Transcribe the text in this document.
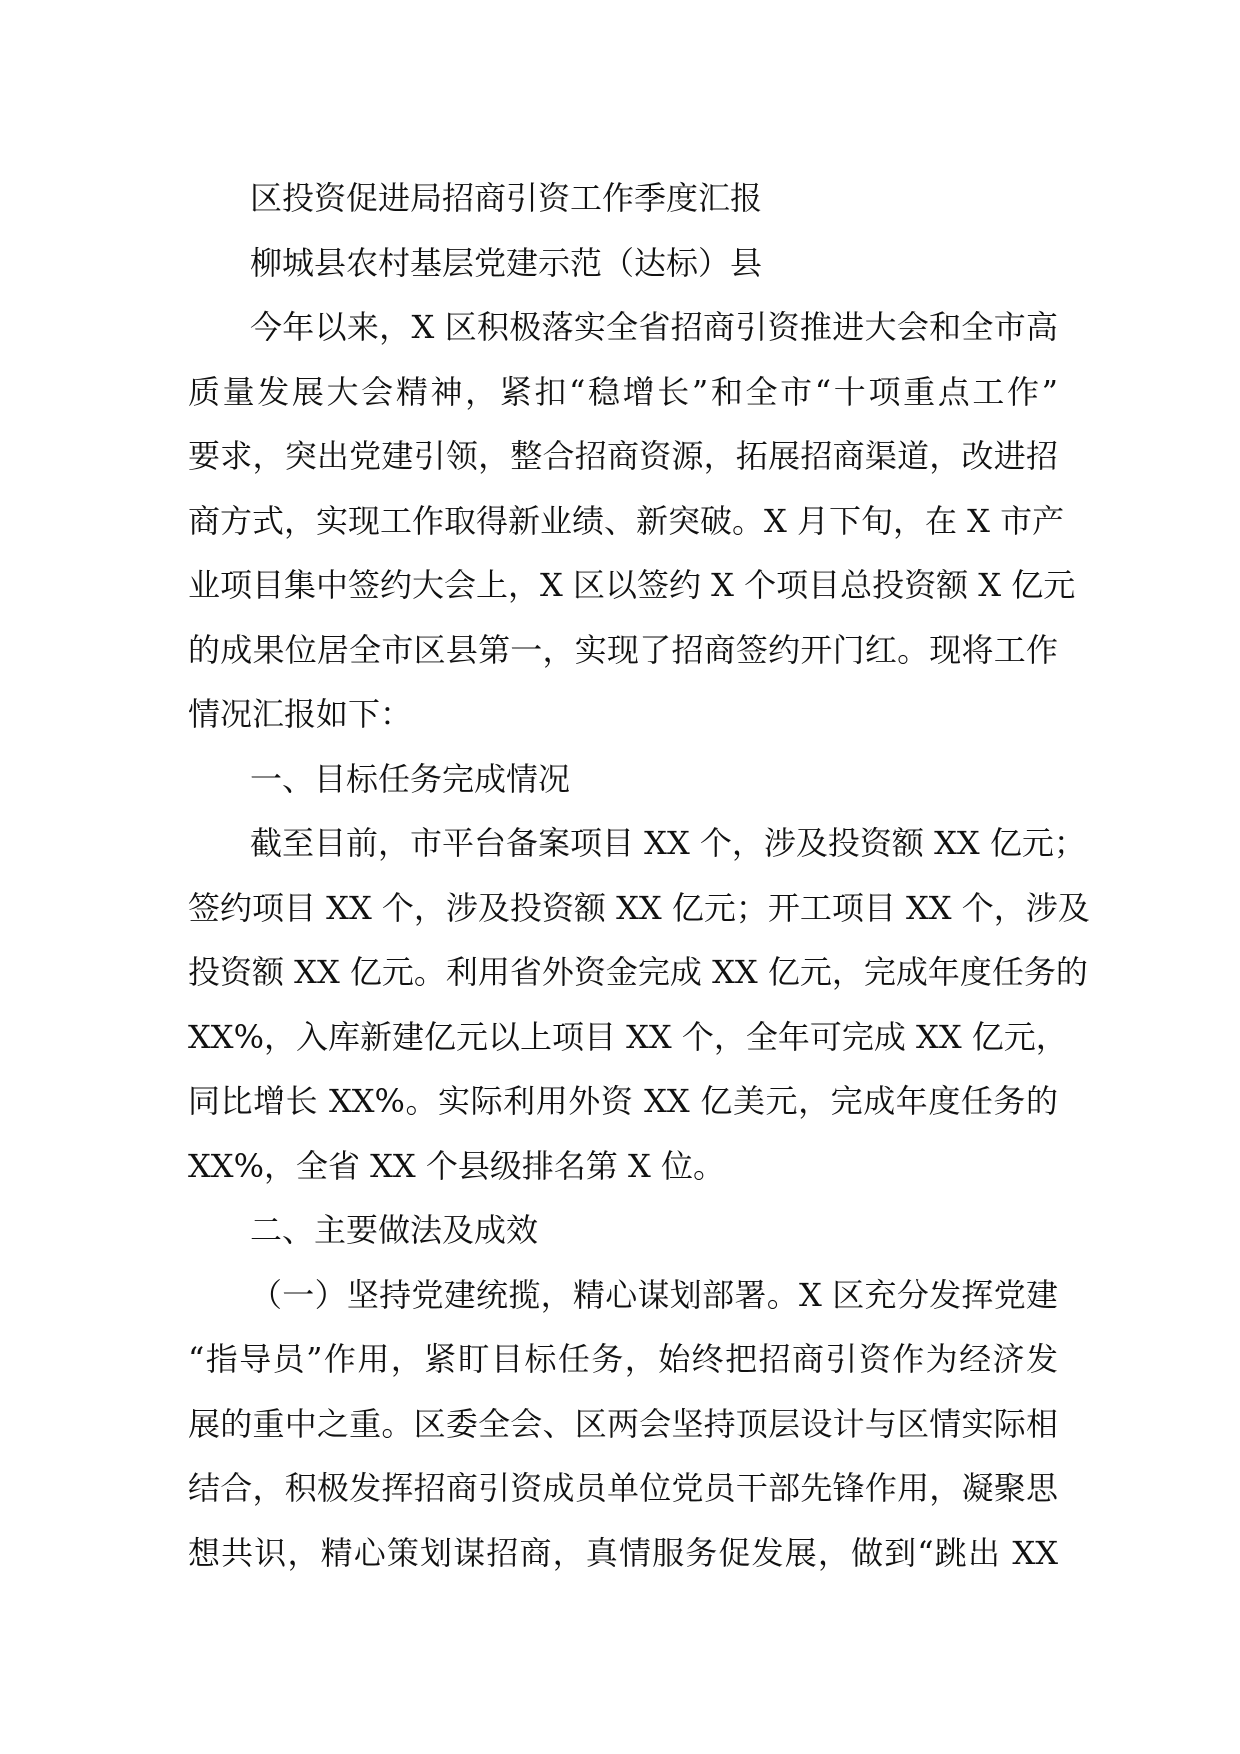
区投资促进局招商引资工作季度汇报
柳城县农村基层党建示范（达标）县
今年以来，X 区积极落实全省招商引资推进大会和全市高
质量发展大会精神，紧扣“稳增长”和全市“十项重点工作”
要求，突出党建引领，整合招商资源，拓展招商渠道，改进招
商方式，实现工作取得新业绩、新突破。X 月下旬，在 X 市产
业项目集中签约大会上，X 区以签约 X 个项目总投资额 X 亿元
的成果位居全市区县第一，实现了招商签约开门红。现将工作
情况汇报如下：
一、目标任务完成情况
截至目前，市平台备案项目 XX 个，涉及投资额 XX 亿元；
签约项目 XX 个，涉及投资额 XX 亿元；开工项目 XX 个，涉及
投资额 XX 亿元。利用省外资金完成 XX 亿元，完成年度任务的
XX%，入库新建亿元以上项目 XX 个，全年可完成 XX 亿元，
同比增长 XX%。实际利用外资 XX 亿美元，完成年度任务的
XX%，全省 XX 个县级排名第 X 位。
二、主要做法及成效
（一）坚持党建统揽，精心谋划部署。X 区充分发挥党建
“指导员”作用，紧盯目标任务，始终把招商引资作为经济发
展的重中之重。区委全会、区两会坚持顶层设计与区情实际相
结合，积极发挥招商引资成员单位党员干部先锋作用，凝聚思
想共识，精心策划谋招商，真情服务促发展，做到“跳出 XX
